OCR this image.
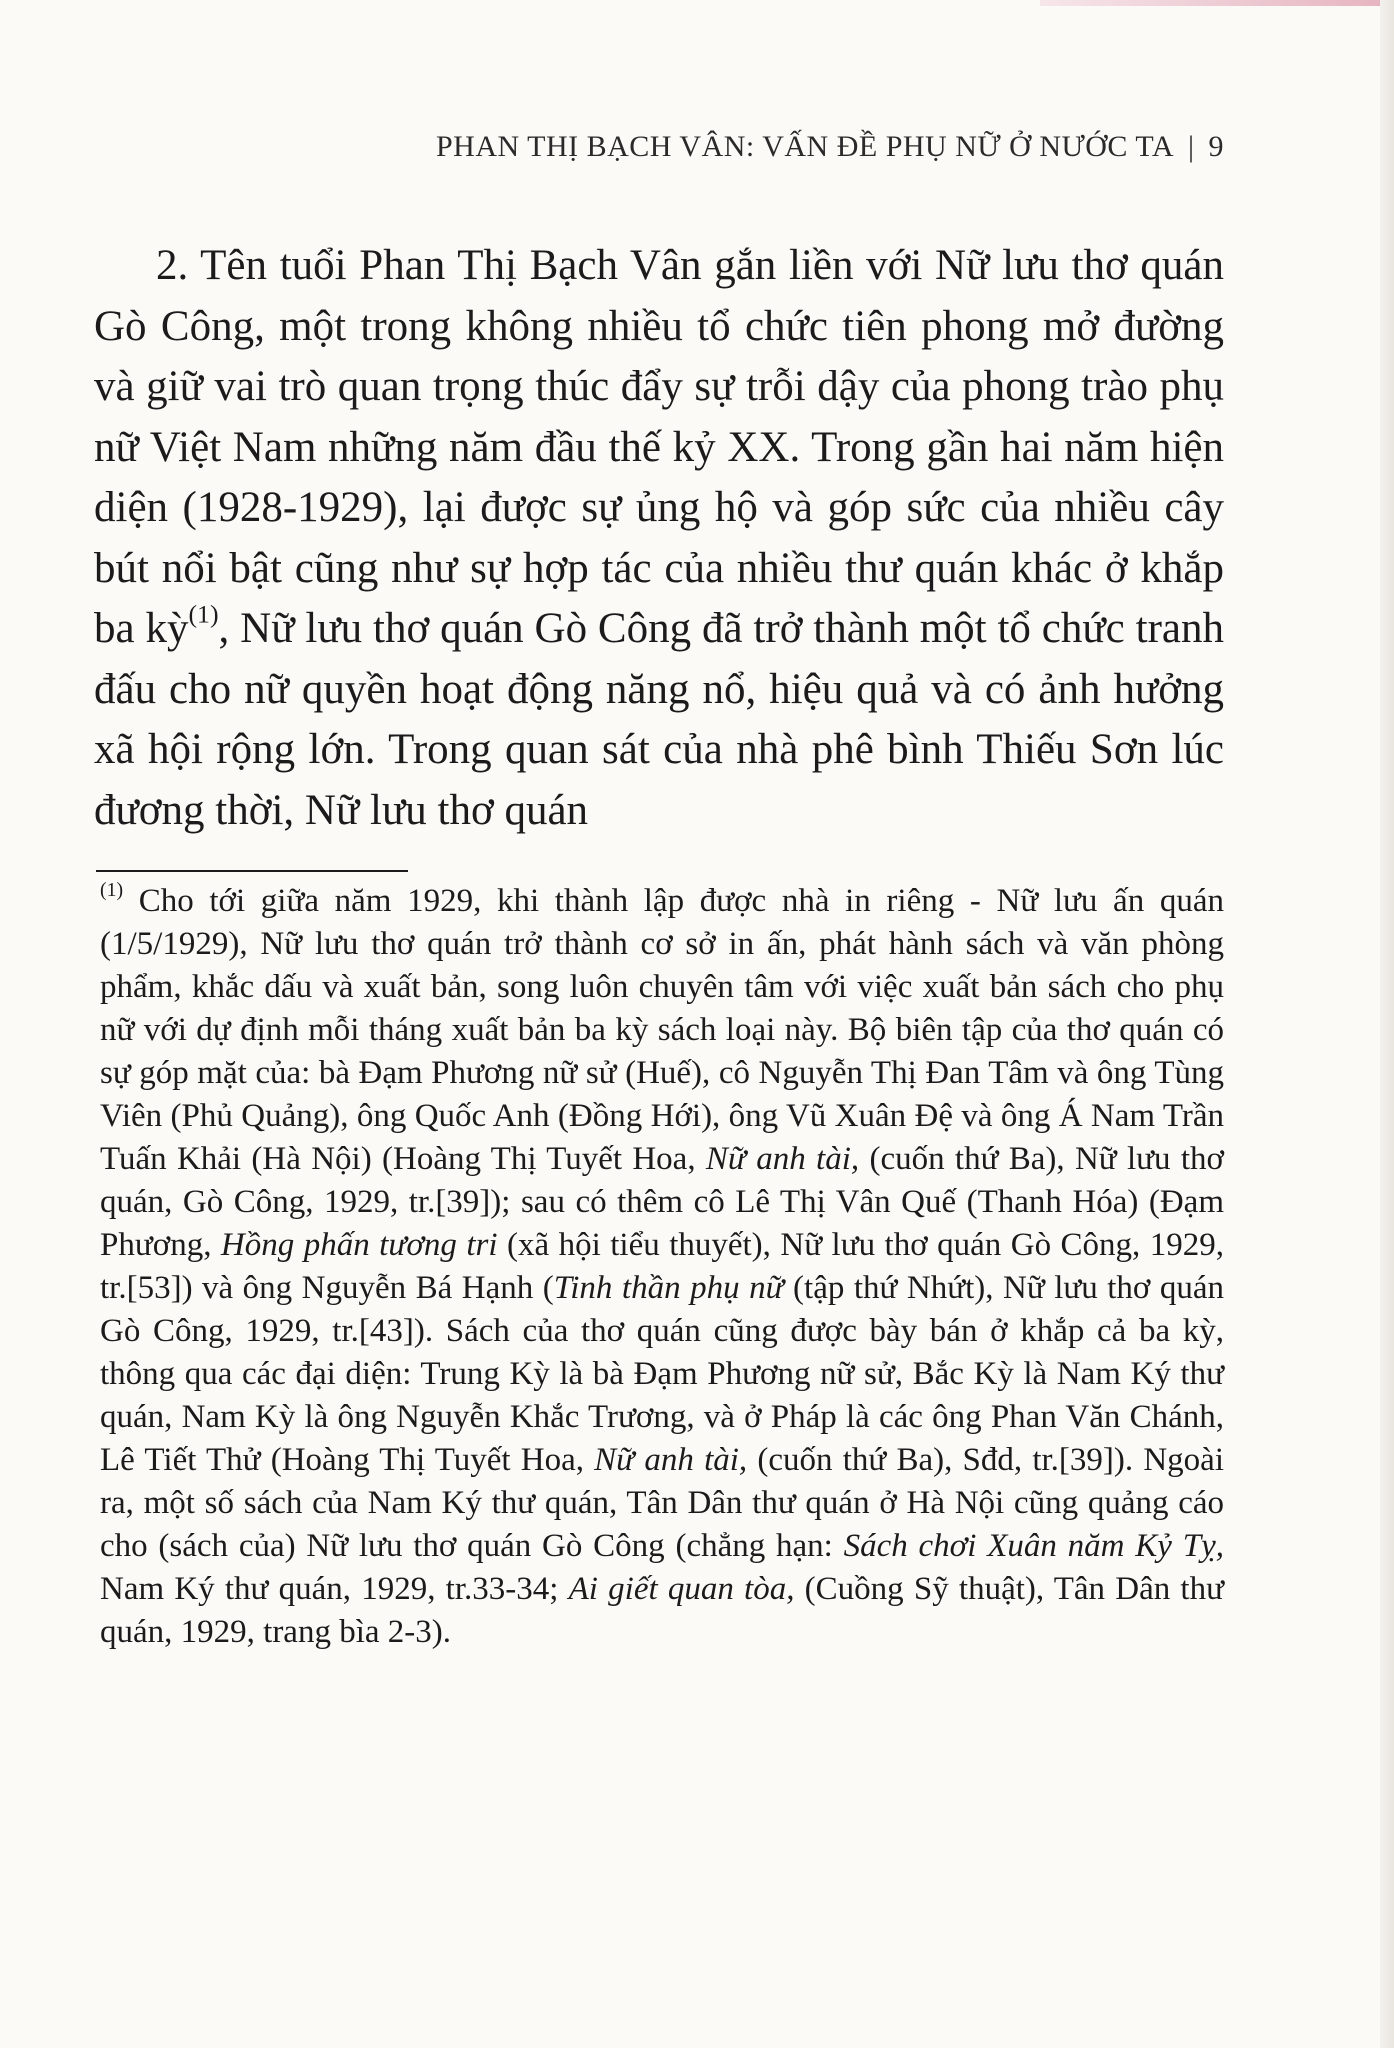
PHAN THỊ BẠCH VÂN: VẤN ĐỀ PHỤ NỮ Ở NƯỚC TA | 9

2. Tên tuổi Phan Thị Bạch Vân gắn liền với Nữ lưu thơ quán Gò Công, một trong không nhiều tổ chức tiên phong mở đường và giữ vai trò quan trọng thúc đẩy sự trỗi dậy của phong trào phụ nữ Việt Nam những năm đầu thế kỷ XX. Trong gần hai năm hiện diện (1928-1929), lại được sự ủng hộ và góp sức của nhiều cây bút nổi bật cũng như sự hợp tác của nhiều thư quán khác ở khắp ba kỳ$^{(1)}$, Nữ lưu thơ quán Gò Công đã trở thành một tổ chức tranh đấu cho nữ quyền hoạt động năng nổ, hiệu quả và có ảnh hưởng xã hội rộng lớn. Trong quan sát của nhà phê bình Thiếu Sơn lúc đương thời, Nữ lưu thơ quán

$^{(1)}$ Cho tới giữa năm 1929, khi thành lập được nhà in riêng - Nữ lưu ấn quán (1/5/1929), Nữ lưu thơ quán trở thành cơ sở in ấn, phát hành sách và văn phòng phẩm, khắc dấu và xuất bản, song luôn chuyên tâm với việc xuất bản sách cho phụ nữ với dự định mỗi tháng xuất bản ba kỳ sách loại này. Bộ biên tập của thơ quán có sự góp mặt của: bà Đạm Phương nữ sử (Huế), cô Nguyễn Thị Đan Tâm và ông Tùng Viên (Phủ Quảng), ông Quốc Anh (Đồng Hới), ông Vũ Xuân Đệ và ông Á Nam Trần Tuấn Khải (Hà Nội) (Hoàng Thị Tuyết Hoa, Nữ anh tài, (cuốn thứ Ba), Nữ lưu thơ quán, Gò Công, 1929, tr.[39]); sau có thêm cô Lê Thị Vân Quế (Thanh Hóa) (Đạm Phương, Hồng phấn tương tri (xã hội tiểu thuyết), Nữ lưu thơ quán Gò Công, 1929, tr.[53]) và ông Nguyễn Bá Hạnh (Tinh thần phụ nữ (tập thứ Nhứt), Nữ lưu thơ quán Gò Công, 1929, tr.[43]). Sách của thơ quán cũng được bày bán ở khắp cả ba kỳ, thông qua các đại diện: Trung Kỳ là bà Đạm Phương nữ sử, Bắc Kỳ là Nam Ký thư quán, Nam Kỳ là ông Nguyễn Khắc Trương, và ở Pháp là các ông Phan Văn Chánh, Lê Tiết Thử (Hoàng Thị Tuyết Hoa, Nữ anh tài, (cuốn thứ Ba), Sđd, tr.[39]). Ngoài ra, một số sách của Nam Ký thư quán, Tân Dân thư quán ở Hà Nội cũng quảng cáo cho (sách của) Nữ lưu thơ quán Gò Công (chẳng hạn: Sách chơi Xuân năm Kỷ Tỵ, Nam Ký thư quán, 1929, tr.33-34; Ai giết quan tòa, (Cuồng Sỹ thuật), Tân Dân thư quán, 1929, trang bìa 2-3).
